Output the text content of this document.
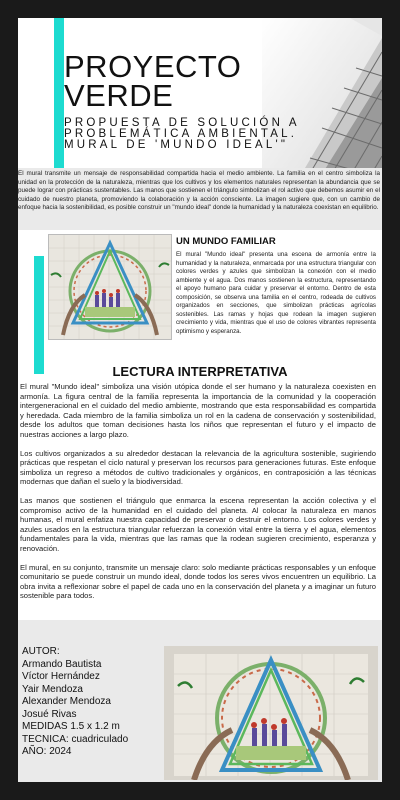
PROYECTO
VERDE
PROPUESTA DE SOLUCIÓN A PROBLEMÁTICA AMBIENTAL. MURAL DE 'MUNDO IDEAL'"

El mural transmite un mensaje de responsabilidad compartida hacia el medio ambiente. La familia en el centro simboliza la unidad en la protección de la naturaleza, mientras que los cultivos y los elementos naturales representan la abundancia que se puede lograr con prácticas sustentables. Las manos que sostienen el triángulo simbolizan el rol activo que debemos asumir en el cuidado de nuestro planeta, promoviendo la colaboración y la acción consciente. La imagen sugiere que, con un cambio de enfoque hacia la sostenibilidad, es posible construir un "mundo ideal" donde la humanidad y la naturaleza coexistan en equilibrio.

UN MUNDO FAMILIAR

El mural "Mundo ideal" presenta una escena de armonía entre la humanidad y la naturaleza, enmarcada por una estructura triangular con colores verdes y azules que simbolizan la conexión con el medio ambiente y el agua. Dos manos sostienen la estructura, representando el apoyo humano para cuidar y preservar el entorno. Dentro de esta composición, se observa una familia en el centro, rodeada de cultivos organizados en secciones, que simbolizan prácticas agrícolas sostenibles. Las ramas y hojas que rodean la imagen sugieren crecimiento y vida, mientras que el uso de colores vibrantes representa optimismo y esperanza.

LECTURA INTERPRETATIVA

El mural "Mundo ideal" simboliza una visión utópica donde el ser humano y la naturaleza coexisten en armonía. La figura central de la familia representa la importancia de la comunidad y la cooperación intergeneracional en el cuidado del medio ambiente, mostrando que esta responsabilidad es compartida y heredada. Cada miembro de la familia simboliza un rol en la cadena de conservación y sostenibilidad, desde los adultos que toman decisiones hasta los niños que representan el futuro y el impacto de nuestras acciones a largo plazo.

Los cultivos organizados a su alrededor destacan la relevancia de la agricultura sostenible, sugiriendo prácticas que respetan el ciclo natural y preservan los recursos para generaciones futuras. Este enfoque simboliza un regreso a métodos de cultivo tradicionales y orgánicos, en contraposición a las técnicas modernas que dañan el suelo y la biodiversidad.

Las manos que sostienen el triángulo que enmarca la escena representan la acción colectiva y el compromiso activo de la humanidad en el cuidado del planeta. Al colocar la naturaleza en manos humanas, el mural enfatiza nuestra capacidad de preservar o destruir el entorno. Los colores verdes y azules usados en la estructura triangular refuerzan la conexión vital entre la tierra y el agua, elementos fundamentales para la vida, mientras que las ramas que la rodean sugieren crecimiento, esperanza y renovación.

El mural, en su conjunto, transmite un mensaje claro: solo mediante prácticas responsables y un enfoque comunitario se puede construir un mundo ideal, donde todos los seres vivos encuentren un equilibrio. La obra invita a reflexionar sobre el papel de cada uno en la conservación del planeta y a imaginar un futuro sostenible para todos.

AUTOR:
Armando Bautista
Víctor Hernández
Yair Mendoza
Alexander Mendoza
Josué Rivas
MEDIDAS 1.5 x 1.2 m
TECNICA: cuadriculado
AÑO: 2024
